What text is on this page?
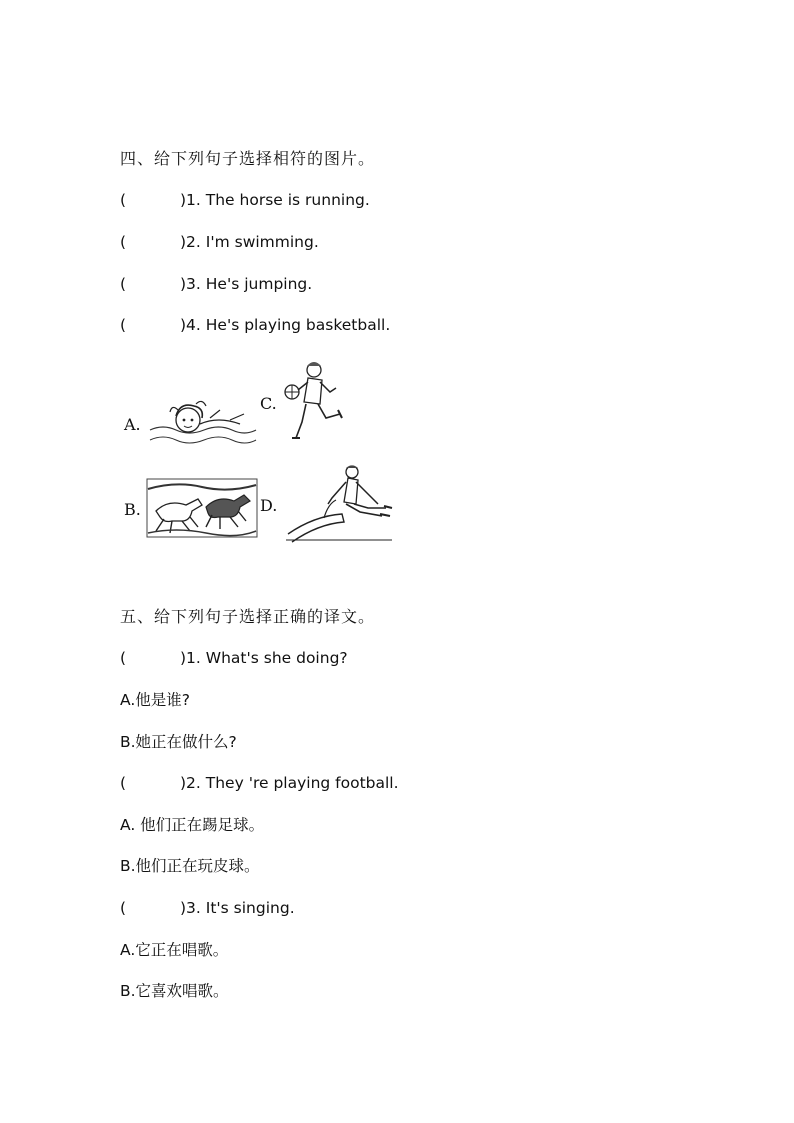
四、给下列句子选择相符的图片。
(	)1. The horse is running.
(	)2. I'm swimming.
(	)3. He's jumping.
(	)4. He's playing basketball.
A.
C.
B.	D.
五、给下列句子选择正确的译文。
(	)1. What's she doing?
A.他是谁?
B.她正在做什么?
(	)2. They 're playing football.
A. 他们正在踢足球。
B.他们正在玩皮球。
(	)3. It's singing.
A.它正在唱歌。
B.它喜欢唱歌。
